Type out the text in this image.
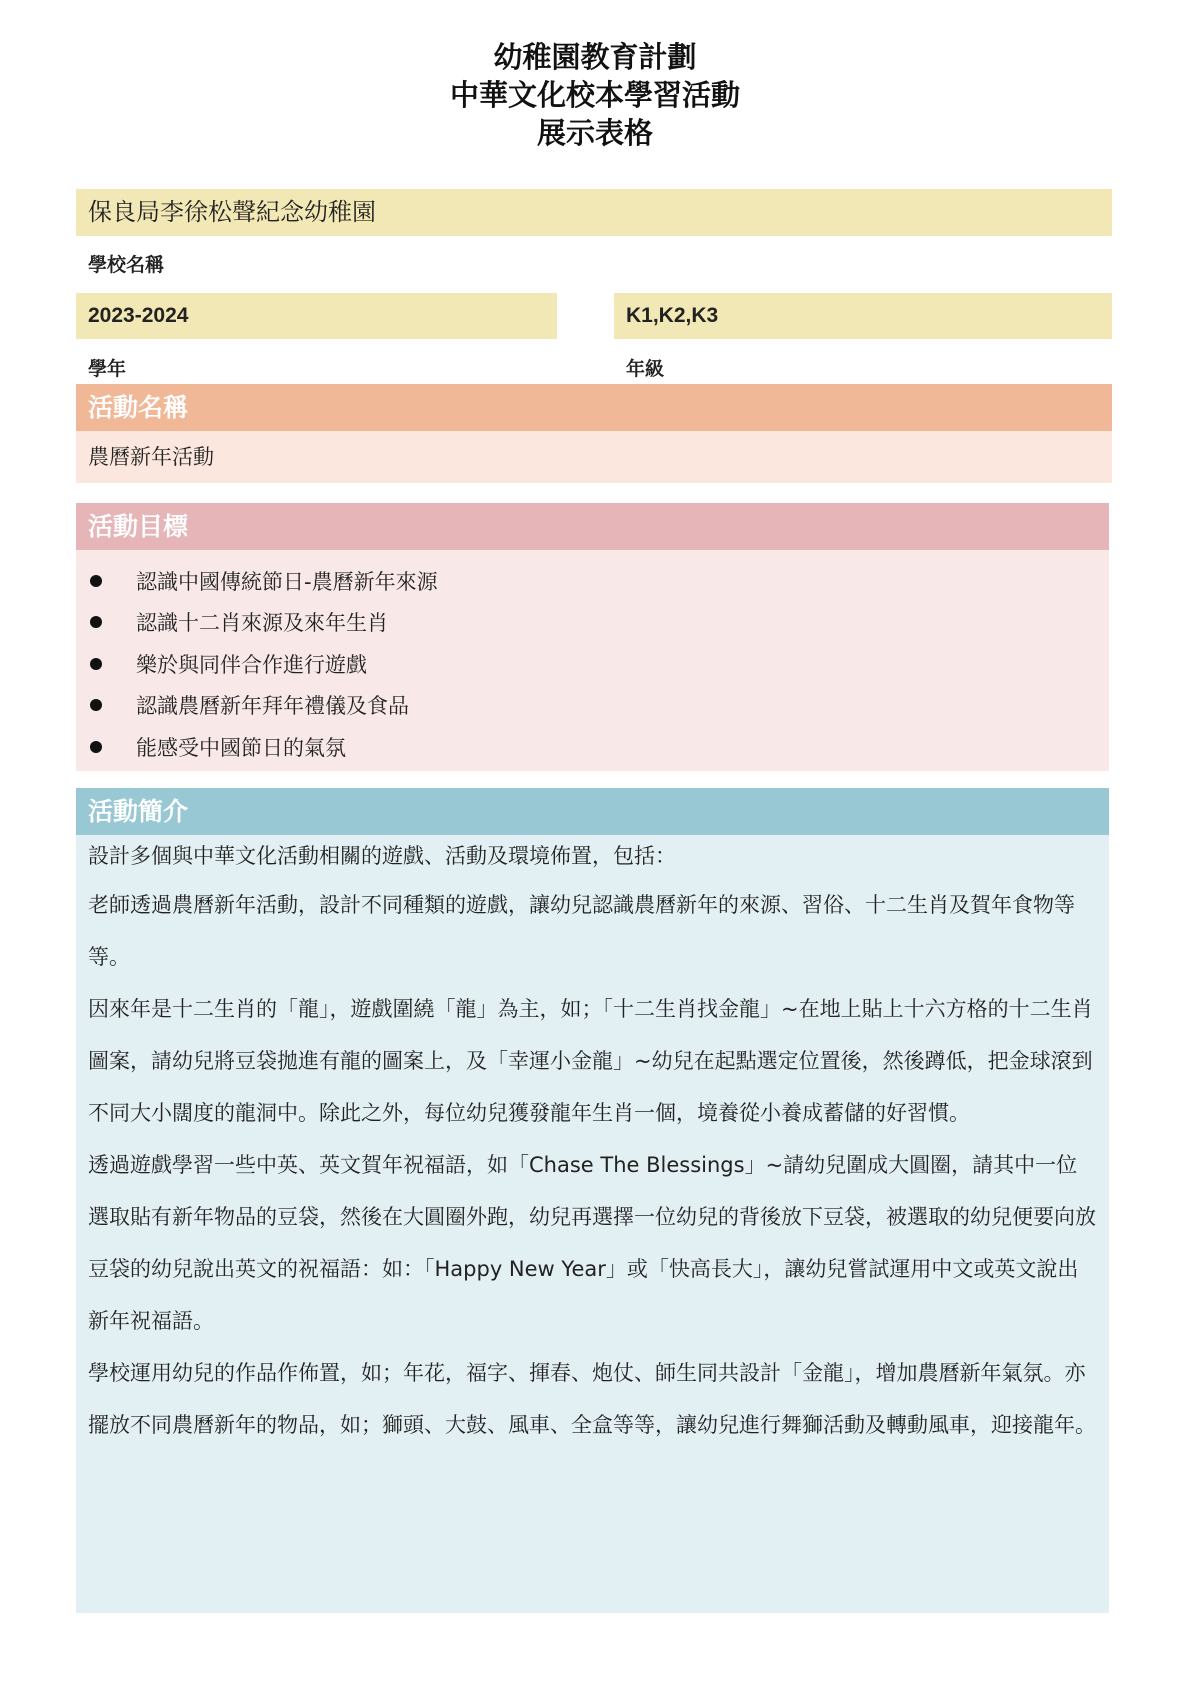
幼稚園教育計劃
中華文化校本學習活動
展示表格
保良局李徐松聲紀念幼稚園
學校名稱
2023-2024
學年
K1,K2,K3
年級
活動名稱
農曆新年活動
活動目標
認識中國傳統節日-農曆新年來源
認識十二肖來源及來年生肖
樂於與同伴合作進行遊戲
認識農曆新年拜年禮儀及食品
能感受中國節日的氣氛
活動簡介

設計多個與中華文化活動相關的遊戲、活動及環境佈置，包括：

老師透過農曆新年活動，設計不同種類的遊戲，讓幼兒認識農曆新年的來源、習俗、十二生肖及賀年食物等等。

因來年是十二生肖的「龍」，遊戲圍繞「龍」為主，如；「十二生肖找金龍」~在地上貼上十六方格的十二生肖圖案，請幼兒將豆袋拋進有龍的圖案上，及「幸運小金龍」~幼兒在起點選定位置後，然後蹲低，把金球滾到不同大小闊度的龍洞中。除此之外，每位幼兒獲發龍年生肖一個，境養從小養成蓄儲的好習慣。

透過遊戲學習一些中英、英文賀年祝福語，如「Chase The Blessings」~請幼兒圍成大圓圈，請其中一位選取貼有新年物品的豆袋，然後在大圓圈外跑，幼兒再選擇一位幼兒的背後放下豆袋，被選取的幼兒便要向放豆袋的幼兒說出英文的祝福語：如：「Happy New Year」或「快高長大」，讓幼兒嘗試運用中文或英文說出新年祝福語。

學校運用幼兒的作品作佈置，如；年花，福字、揮春、炮仗、師生同共設計「金龍」，增加農曆新年氣氛。亦擺放不同農曆新年的物品，如；獅頭、大鼓、風車、全盒等等，讓幼兒進行舞獅活動及轉動風車，迎接龍年。
